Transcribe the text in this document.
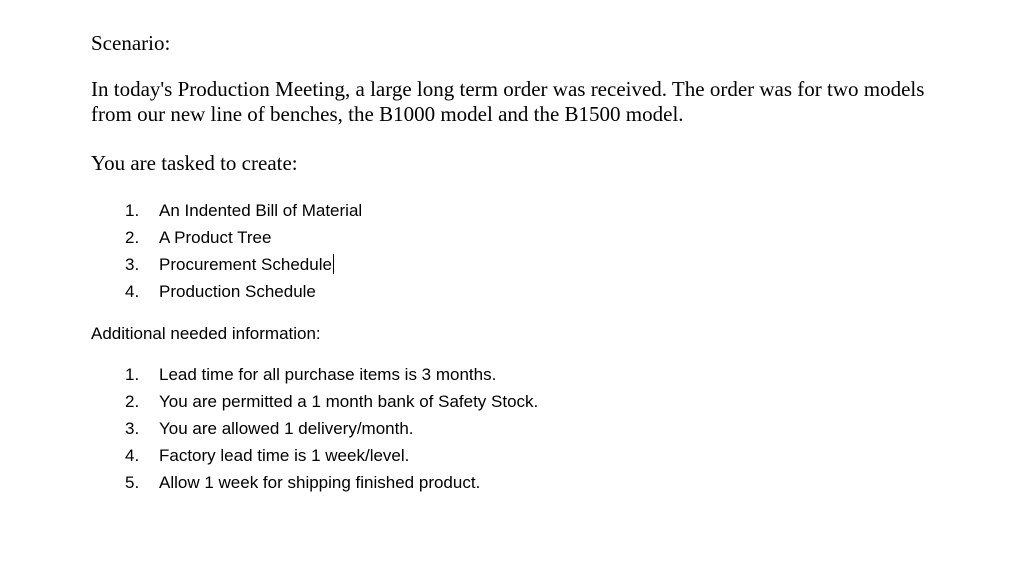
Scenario:

In today's Production Meeting, a large long term order was received. The order was for two models from our new line of benches, the B1000 model and the B1500 model.

You are tasked to create:

1. An Indented Bill of Material
2. A Product Tree
3. Procurement Schedule
4. Production Schedule

Additional needed information:

1. Lead time for all purchase items is 3 months.
2. You are permitted a 1 month bank of Safety Stock.
3. You are allowed 1 delivery/month.
4. Factory lead time is 1 week/level.
5. Allow 1 week for shipping finished product.
